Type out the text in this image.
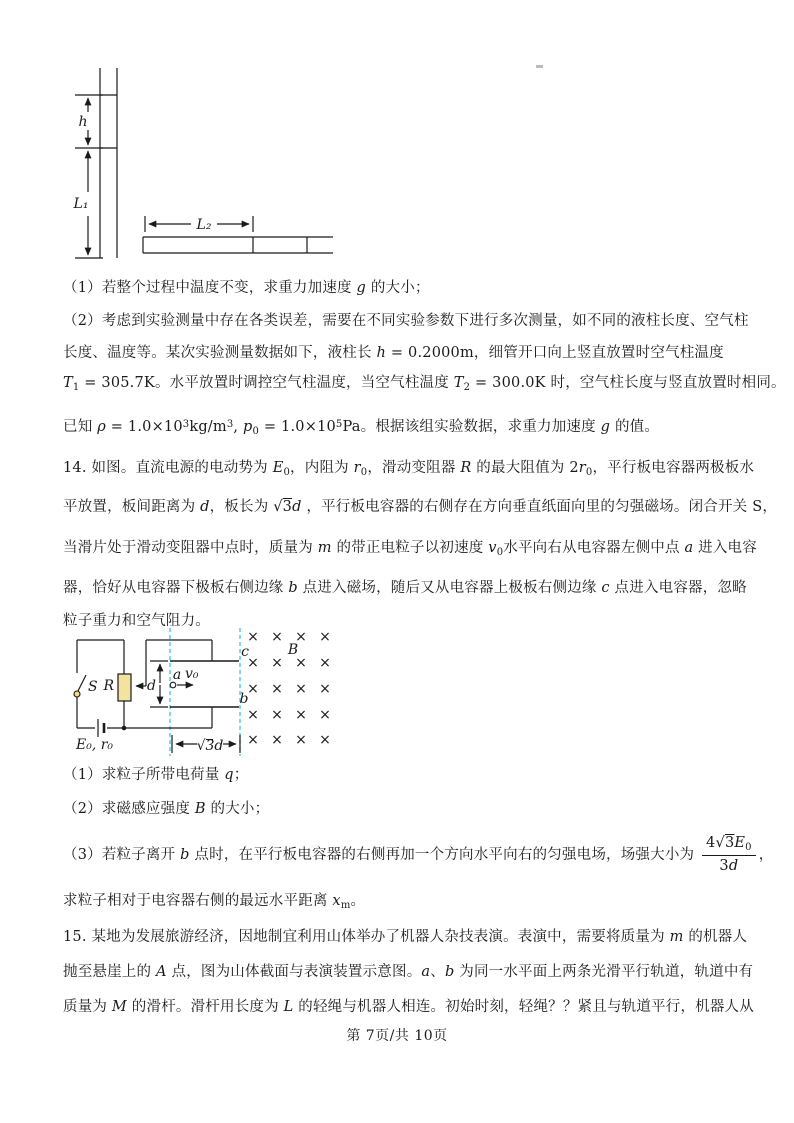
h
L₁
L₂
（1）若整个过程中温度不变，求重力加速度 g 的大小；
（2）考虑到实验测量中存在各类误差，需要在不同实验参数下进行多次测量，如不同的液柱长度、空气柱
长度、温度等。某次实验测量数据如下，液柱长 h = 0.2000m，细管开口向上竖直放置时空气柱温度
$T_1 = 305.7K$。水平放置时调控空气柱温度，当空气柱温度 $T_2 = 300.0K$ 时，空气柱长度与竖直放置时相同。
已知 $\rho = 1.0\times 10^3kg/m^3$, $p_0 = 1.0\times 10^5Pa$。根据该组实验数据，求重力加速度 g 的值。
14. 如图。直流电源的电动势为 $E_0$，内阻为 $r_0$，滑动变阻器 R 的最大阻值为 $2r_0$，平行板电容器两极板水
平放置，板间距离为 d，板长为 √3d ，平行板电容器的右侧存在方向垂直纸面向里的匀强磁场。闭合开关 S，
当滑片处于滑动变阻器中点时，质量为 m 的带正电粒子以初速度 $v_0$水平向右从电容器左侧中点 a 进入电容
器，恰好从电容器下极板右侧边缘 b 点进入磁场，随后又从电容器上极板右侧边缘 c 点进入电容器，忽略
粒子重力和空气阻力。
S R
E₀, r₀
d
a v₀
c
b
B
√3d
× × × ×
× × × ×
× × × ×
× × × ×
× × × ×
（1）求粒子所带电荷量 q；
（2）求磁感应强度 B 的大小；
（3）若粒子离开 b 点时，在平行板电容器的右侧再加一个方向水平向右的匀强电场，场强大小为 $\frac{4√3E_0}{3d}$ ，
求粒子相对于电容器右侧的最远水平距离 $x_m$。
15. 某地为发展旅游经济，因地制宜利用山体举办了机器人杂技表演。表演中，需要将质量为 m 的机器人
抛至悬崖上的 A 点，图为山体截面与表演装置示意图。a、b 为同一水平面上两条光滑平行轨道，轨道中有
质量为 M 的滑杆。滑杆用长度为 L 的轻绳与机器人相连。初始时刻，轻绳？？紧且与轨道平行，机器人从
第 7页/共 10页
